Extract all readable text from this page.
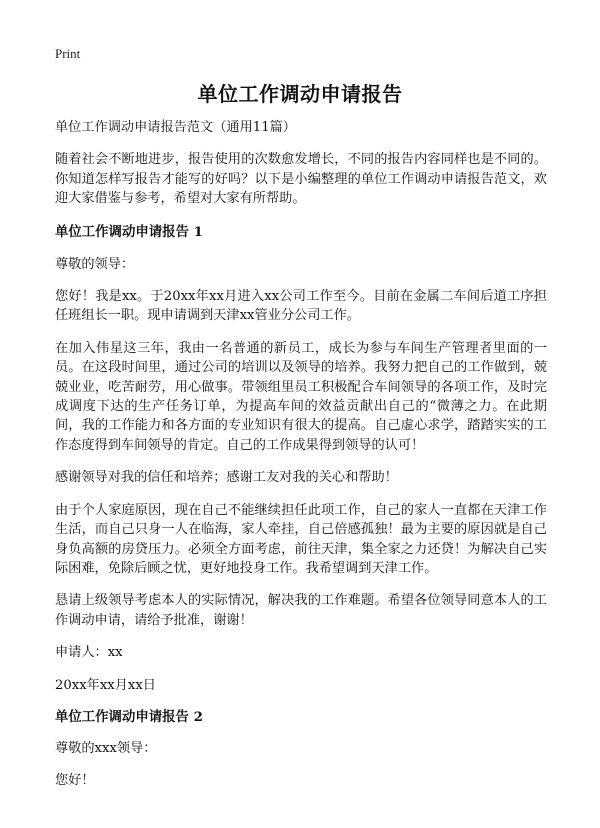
Print
单位工作调动申请报告

单位工作调动申请报告范文（通用11篇）

随着社会不断地进步，报告使用的次数愈发增长，不同的报告内容同样也是不同的。你知道怎样写报告才能写的好吗？以下是小编整理的单位工作调动申请报告范文，欢迎大家借鉴与参考，希望对大家有所帮助。

单位工作调动申请报告 1

尊敬的领导：

您好！我是xx。于20xx年xx月进入xx公司工作至今。目前在金属二车间后道工序担任班组长一职。现申请调到天津xx管业分公司工作。

在加入伟星这三年，我由一名普通的新员工，成长为参与车间生产管理者里面的一员。在这段时间里，通过公司的培训以及领导的培养。我努力把自己的工作做到，兢兢业业，吃苦耐劳，用心做事。带领组里员工积极配合车间领导的各项工作，及时完成调度下达的生产任务订单，为提高车间的效益贡献出自己的“微薄之力。在此期间，我的工作能力和各方面的专业知识有很大的提高。自己虚心求学，踏踏实实的工作态度得到车间领导的肯定。自己的工作成果得到领导的认可！

感谢领导对我的信任和培养；感谢工友对我的关心和帮助！

由于个人家庭原因，现在自己不能继续担任此项工作，自己的家人一直都在天津工作生活，而自己只身一人在临海，家人牵挂，自己倍感孤独！最为主要的原因就是自己身负高额的房贷压力。必须全方面考虑，前往天津，集全家之力还贷！为解决自己实际困难，免除后顾之忧，更好地投身工作。我希望调到天津工作。

恳请上级领导考虑本人的实际情况，解决我的工作难题。希望各位领导同意本人的工作调动申请，请给予批准，谢谢！

申请人：xx

20xx年xx月xx日

单位工作调动申请报告 2

尊敬的xxx领导：

您好！
